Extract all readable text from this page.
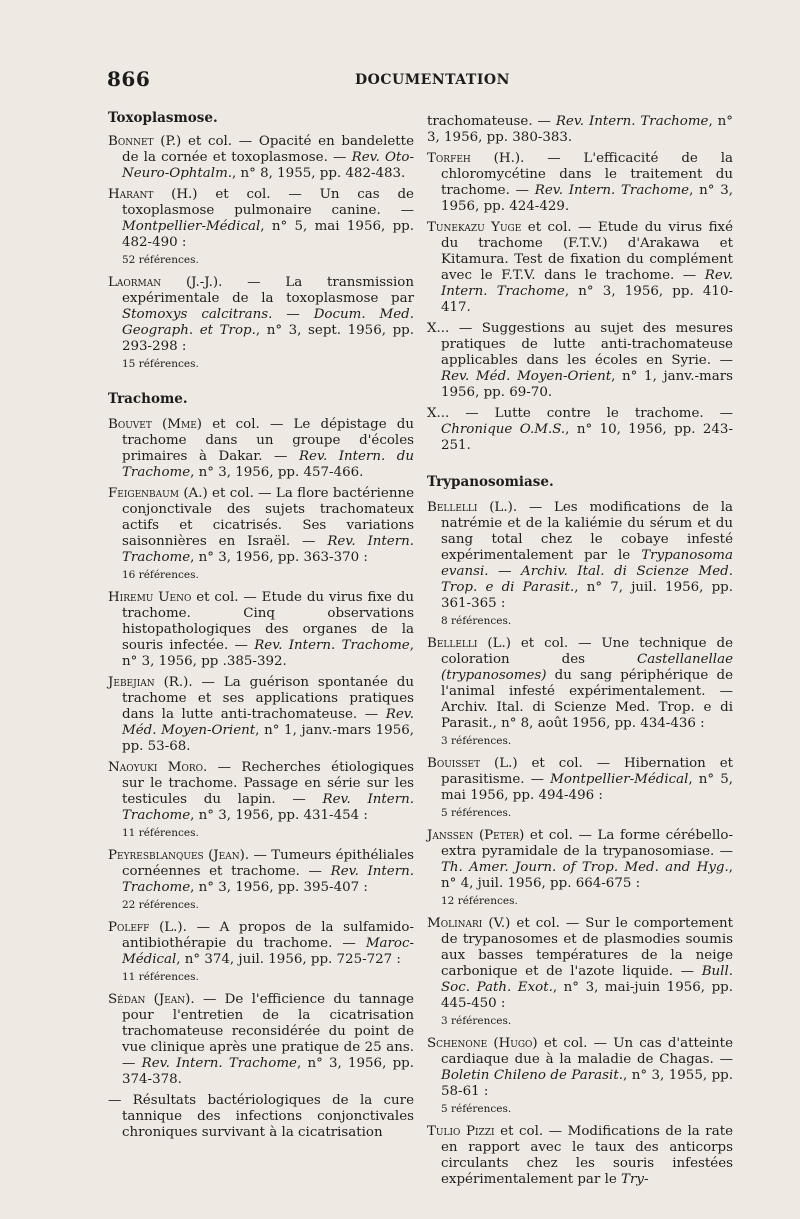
866	DOCUMENTATION
Toxoplasmose.

Bonnet (P.) et col. — Opacité en bandelette de la cornée et toxoplasmose. — Rev. Oto-Neuro-Ophtalm., n° 8, 1955, pp. 482-483.

Harant (H.) et col. — Un cas de toxoplasmose pulmonaire canine. — Montpellier-Médical, n° 5, mai 1956, pp. 482-490 :

52 références.

Laorman (J.-J.). — La transmission expérimentale de la toxoplasmose par Stomoxys calcitrans. — Docum. Med. Geograph. et Trop., n° 3, sept. 1956, pp. 293-298 :

15 références.
Trachome.

Bouvet (Mme) et col. — Le dépistage du trachome dans un groupe d'écoles primaires à Dakar. — Rev. Intern. du Trachome, n° 3, 1956, pp. 457-466.

Feigenbaum (A.) et col. — La flore bactérienne conjonctivale des sujets trachomateux actifs et cicatrisés. Ses variations saisonnières en Israël. — Rev. Intern. Trachome, n° 3, 1956, pp. 363-370 :

16 références.

Hiremu Ueno et col. — Etude du virus fixe du trachome. Cinq observations histopathologiques des organes de la souris infectée. — Rev. Intern. Trachome, n° 3, 1956, pp .385-392.

Jebejian (R.). — La guérison spontanée du trachome et ses applications pratiques dans la lutte anti-trachomateuse. — Rev. Méd. Moyen-Orient, n° 1, janv.-mars 1956, pp. 53-68.

Naoyuki Moro. — Recherches étiologiques sur le trachome. Passage en série sur les testicules du lapin. — Rev. Intern. Trachome, n° 3, 1956, pp. 431-454 :

11 références.

Peyresblanques (Jean). — Tumeurs épithéliales cornéennes et trachome. — Rev. Intern. Trachome, n° 3, 1956, pp. 395-407 :

22 références.

Poleff (L.). — A propos de la sulfamido-antibiothérapie du trachome. — Maroc-Médical, n° 374, juil. 1956, pp. 725-727 :

11 références.

Sédan (Jean). — De l'efficience du tannage pour l'entretien de la cicatrisation trachomateuse reconsidérée du point de vue clinique après une pratique de 25 ans. — Rev. Intern. Trachome, n° 3, 1956, pp. 374-378.

— Résultats bactériologiques de la cure tannique des infections conjonctivales chroniques survivant à la cicatrisation

trachomateuse. — Rev. Intern. Trachome, n° 3, 1956, pp. 380-383.

Torfeh (H.). — L'efficacité de la chloromycétine dans le traitement du trachome. — Rev. Intern. Trachome, n° 3, 1956, pp. 424-429.

Tunekazu Yuge et col. — Etude du virus fixé du trachome (F.T.V.) d'Arakawa et Kitamura. Test de fixation du complément avec le F.T.V. dans le trachome. — Rev. Intern. Trachome, n° 3, 1956, pp. 410-417.

X... — Suggestions au sujet des mesures pratiques de lutte anti-trachomateuse applicables dans les écoles en Syrie. — Rev. Méd. Moyen-Orient, n° 1, janv.-mars 1956, pp. 69-70.

X... — Lutte contre le trachome. — Chronique O.M.S., n° 10, 1956, pp. 243-251.

Trypanosomiase.

Bellelli (L.). — Les modifications de la natrémie et de la kaliémie du sérum et du sang total chez le cobaye infesté expérimentalement par le Trypanosoma evansi. — Archiv. Ital. di Scienze Med. Trop. e di Parasit., n° 7, juil. 1956, pp. 361-365 :

8 références.

Bellelli (L.) et col. — Une technique de coloration des Castellanellae (trypanosomes) du sang périphérique de l'animal infesté expérimentalement. — Archiv. Ital. di Scienze Med. Trop. e di Parasit., n° 8, août 1956, pp. 434-436 :

3 références.

Bouisset (L.) et col. — Hibernation et parasitisme. — Montpellier-Médical, n° 5, mai 1956, pp. 494-496 :

5 références.

Janssen (Peter) et col. — La forme cérébello-extra pyramidale de la trypanosomiase. — Th. Amer. Journ. of Trop. Med. and Hyg., n° 4, juil. 1956, pp. 664-675 :

12 références.

Molinari (V.) et col. — Sur le comportement de trypanosomes et de plasmodies soumis aux basses températures de la neige carbonique et de l'azote liquide. — Bull. Soc. Path. Exot., n° 3, mai-juin 1956, pp. 445-450 :

3 références.

Schenone (Hugo) et col. — Un cas d'atteinte cardiaque due à la maladie de Chagas. — Boletin Chileno de Parasit., n° 3, 1955, pp. 58-61 :

5 références.

Tulio Pizzi et col. — Modifications de la rate en rapport avec le taux des anticorps circulants chez les souris infestées expérimentalement par le Try-
